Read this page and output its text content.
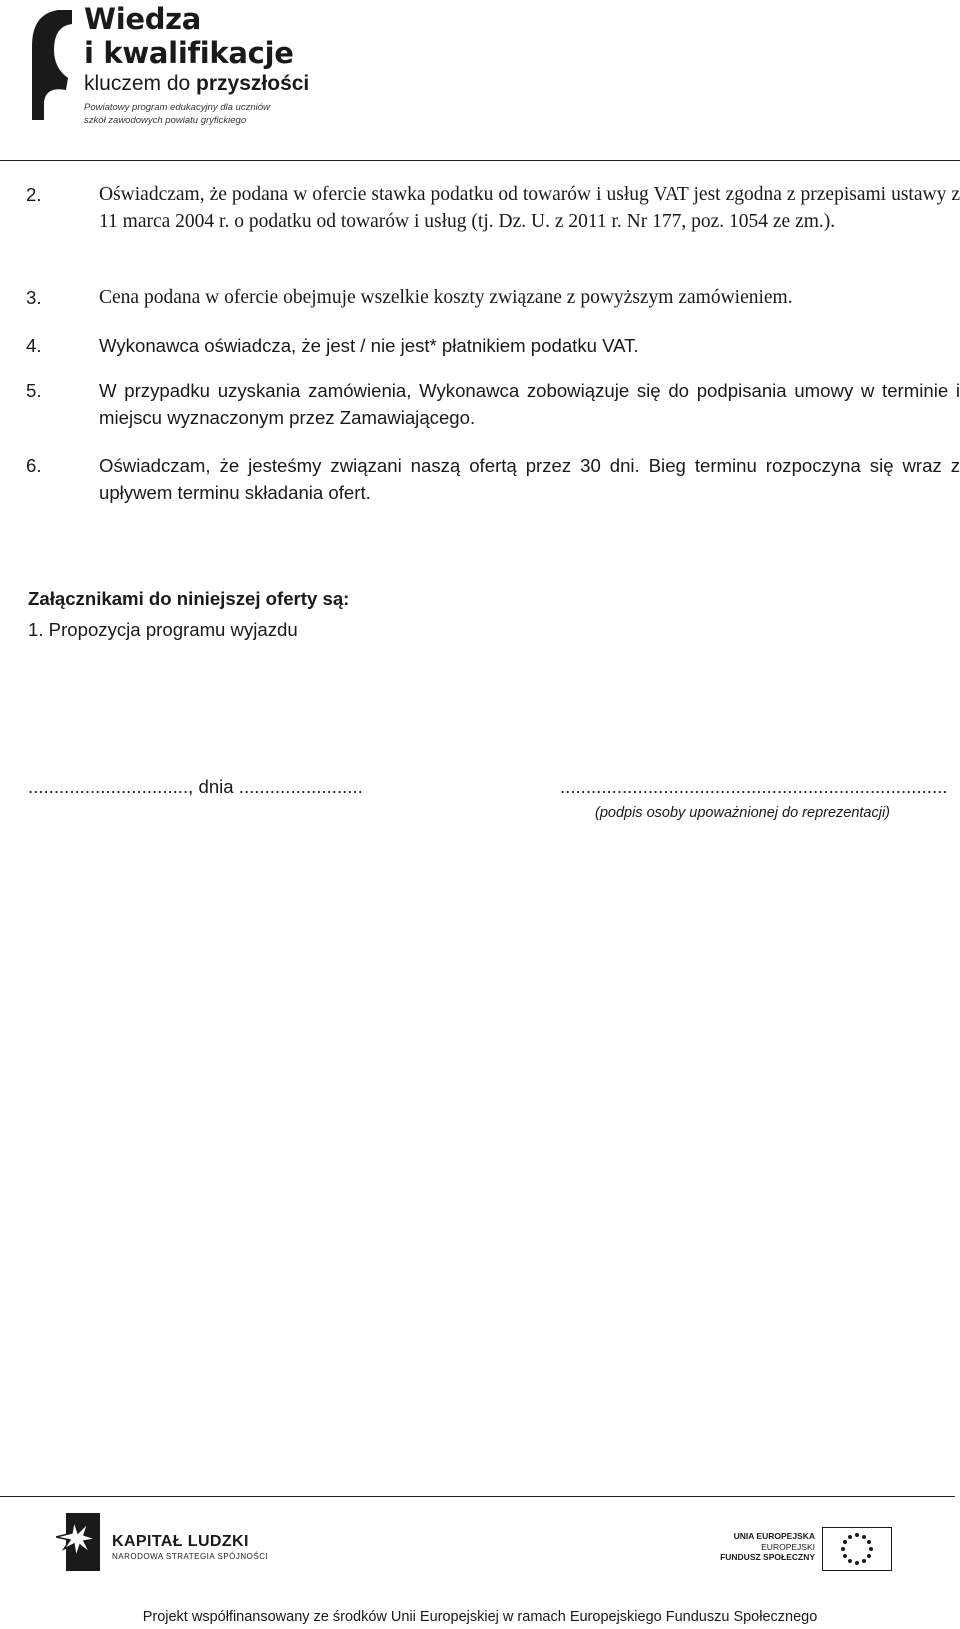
Wiedza
i kwalifikacje
kluczem do przyszłości
Powiatowy program edukacyjny dla uczniów
szkół zawodowych powiatu gryfickiego
2.	Oświadczam, że podana w ofercie stawka podatku od towarów i usług VAT jest zgodna z przepisami ustawy z 11 marca 2004 r. o podatku od towarów i usług (tj. Dz. U. z 2011 r. Nr 177, poz. 1054 ze zm.).
3.	Cena podana w ofercie obejmuje wszelkie koszty związane z powyższym zamówieniem.
4.	Wykonawca oświadcza, że jest / nie jest* płatnikiem podatku VAT.
5.	W przypadku uzyskania zamówienia, Wykonawca zobowiązuje się do podpisania umowy w terminie i miejscu wyznaczonym przez Zamawiającego.
6.	Oświadczam, że jesteśmy związani naszą ofertą przez 30 dni. Bieg terminu rozpoczyna się wraz z upływem terminu składania ofert.
Załącznikami do niniejszej oferty są:
1. Propozycja programu wyjazdu
..............................., dnia ........................	...........................................................................
(podpis osoby upoważnionej do reprezentacji)
KAPITAŁ LUDZKI
NARODOWA STRATEGIA SPÓJNOŚCI
UNIA EUROPEJSKA
EUROPEJSKI
FUNDUSZ SPOŁECZNY
Projekt współfinansowany ze środków Unii Europejskiej w ramach Europejskiego Funduszu Społecznego
